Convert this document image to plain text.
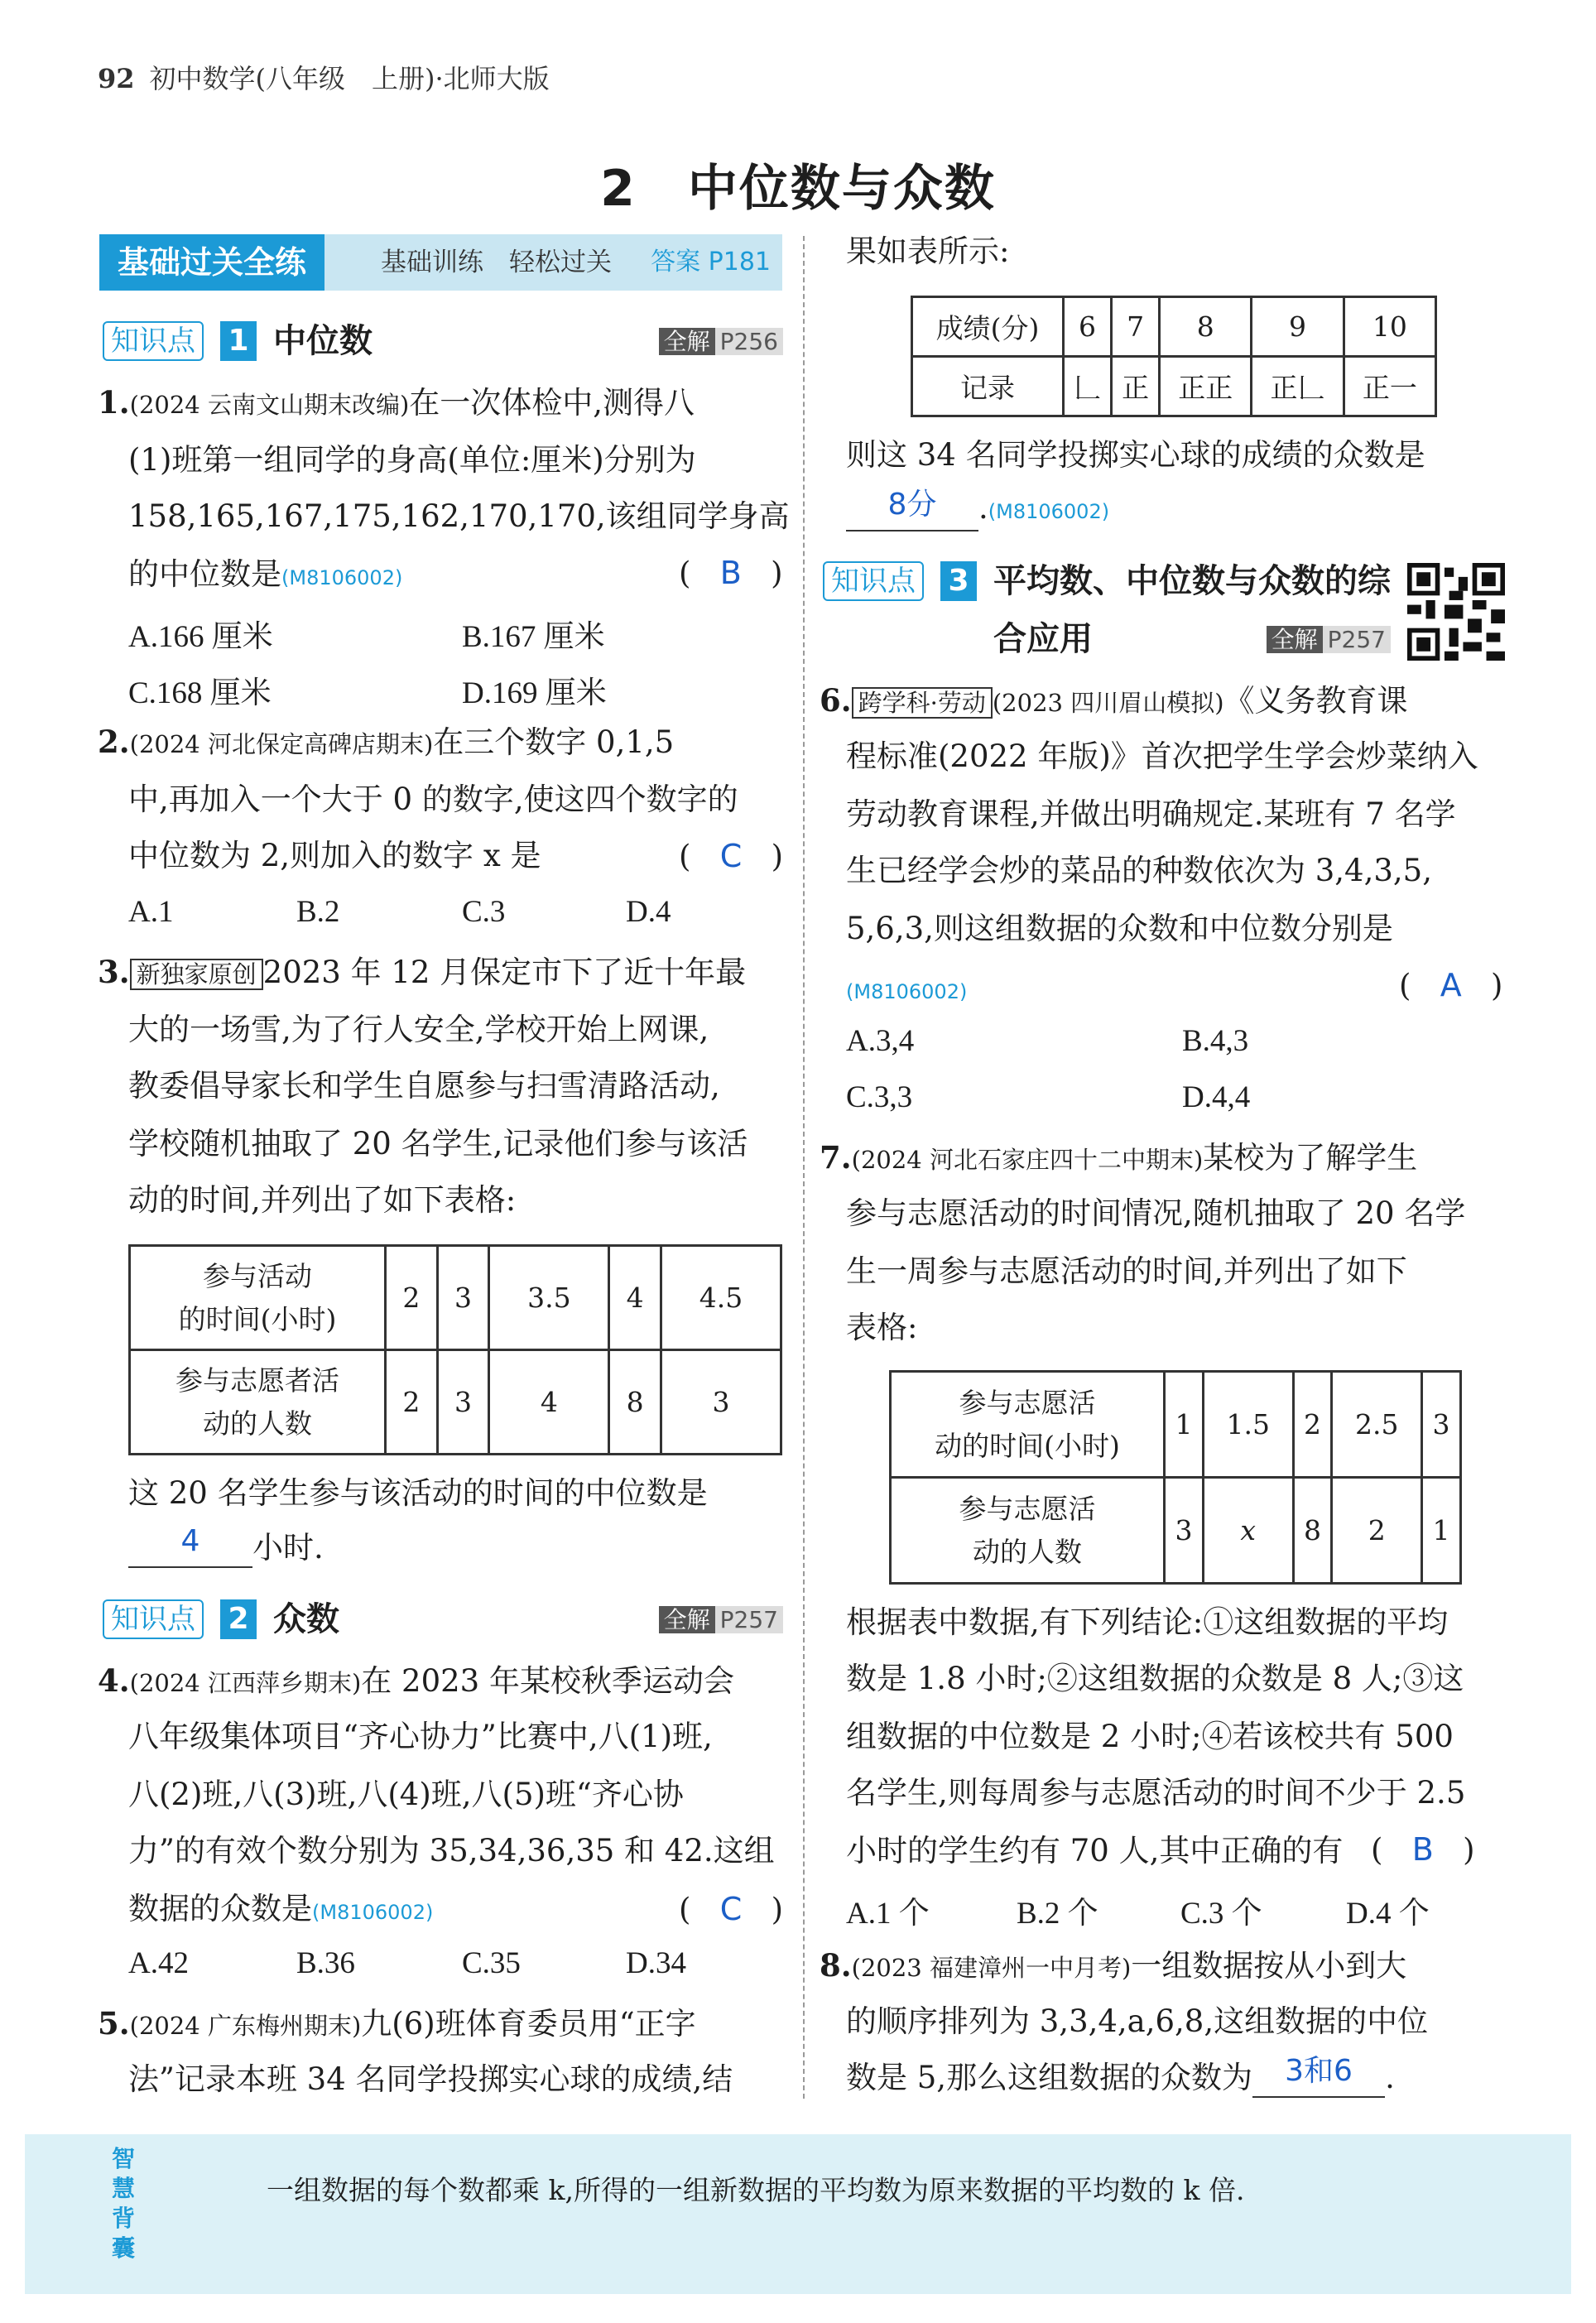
92 初中数学(八年级　上册)·北师大版
2　中位数与众数
基础过关全练	基础训练　轻松过关 答案 P181
知识点 1 中位数	全解 P256
1.(2024 云南文山期末改编)在一次体检中,测得八
(1)班第一组同学的身高(单位:厘米)分别为
158,165,167,175,162,170,170,该组同学身高
的中位数是(M8106002)	( B )
A.166 厘米	B.167 厘米
C.168 厘米	D.169 厘米
2.(2024 河北保定高碑店期末)在三个数字 0,1,5
中,再加入一个大于 0 的数字,使这四个数字的
中位数为 2,则加入的数字 x 是	( C )
A.1	B.2	C.3	D.4
3. 新独家原创 2023 年 12 月保定市下了近十年最
大的一场雪,为了行人安全,学校开始上网课,
教委倡导家长和学生自愿参与扫雪清路活动,
学校随机抽取了 20 名学生,记录他们参与该活
动的时间,并列出了如下表格:
参与活动
的时间(小时)	2	3	3.5	4	4.5

参与志愿者活
动的人数	2	3	4	8	3
这 20 名学生参与该活动的时间的中位数是
4	小时.
知识点 2 众数	全解 P257
4.(2024 江西萍乡期末)在 2023 年某校秋季运动会
八年级集体项目“齐心协力”比赛中,八(1)班,
八(2)班,八(3)班,八(4)班,八(5)班“齐心协
力”的有效个数分别为 35,34,36,35 和 42.这组
数据的众数是(M8106002)	( C )
A.42	B.36	C.35	D.34
5.(2024 广东梅州期末)九(6)班体育委员用“正字
法”记录本班 34 名同学投掷实心球的成绩,结
果如表所示:
成绩(分)	6	7	8	9	10
记录	𠃊	正	正正	正𠃊	正一
则这 34 名同学投掷实心球的成绩的众数是
8分	.(M8106002)
知识点 3 平均数、中位数与众数的综
合应用	全解 P257
6. 跨学科·劳动 (2023 四川眉山模拟)《义务教育课
程标准(2022 年版)》首次把学生学会炒菜纳入
劳动教育课程,并做出明确规定.某班有 7 名学
生已经学会炒的菜品的种数依次为 3,4,3,5,
5,6,3,则这组数据的众数和中位数分别是
(M8106002)	( A )
A.3,4	B.4,3
C.3,3	D.4,4
7.(2024 河北石家庄四十二中期末)某校为了解学生
参与志愿活动的时间情况,随机抽取了 20 名学
生一周参与志愿活动的时间,并列出了如下
表格:
参与志愿活
动的时间(小时)	1	1.5	2	2.5	3

参与志愿活
动的人数	3	x	8	2	1
根据表中数据,有下列结论:①这组数据的平均
数是 1.8 小时;②这组数据的众数是 8 人;③这
组数据的中位数是 2 小时;④若该校共有 500
名学生,则每周参与志愿活动的时间不少于 2.5
小时的学生约有 70 人,其中正确的有 ( B )
A.1 个	B.2 个	C.3 个	D.4 个
8.(2023 福建漳州一中月考)一组数据按从小到大
的顺序排列为 3,3,4,a,6,8,这组数据的中位
数是 5,那么这组数据的众数为	3和6	.
智慧背囊
一组数据的每个数都乘 k,所得的一组新数据的平均数为原来数据的平均数的 k 倍.
